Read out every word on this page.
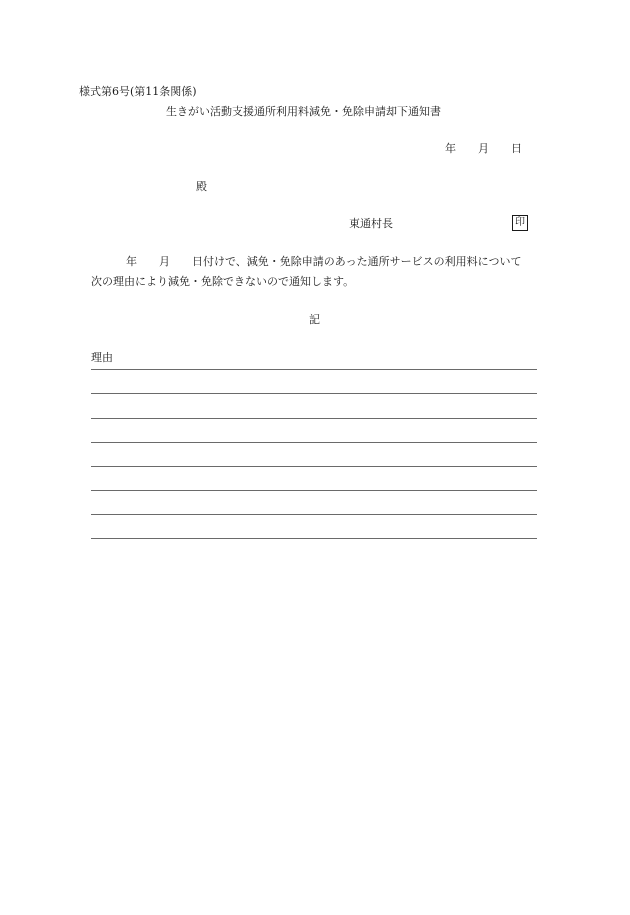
様式第6号(第11条関係)
生きがい活動支援通所利用料減免・免除申請却下通知書
年 月 日
殿
東通村長	印
年 月 日付けで、減免・免除申請のあった通所サービスの利用料について
次の理由により減免・免除できないので通知します。
記
理由
